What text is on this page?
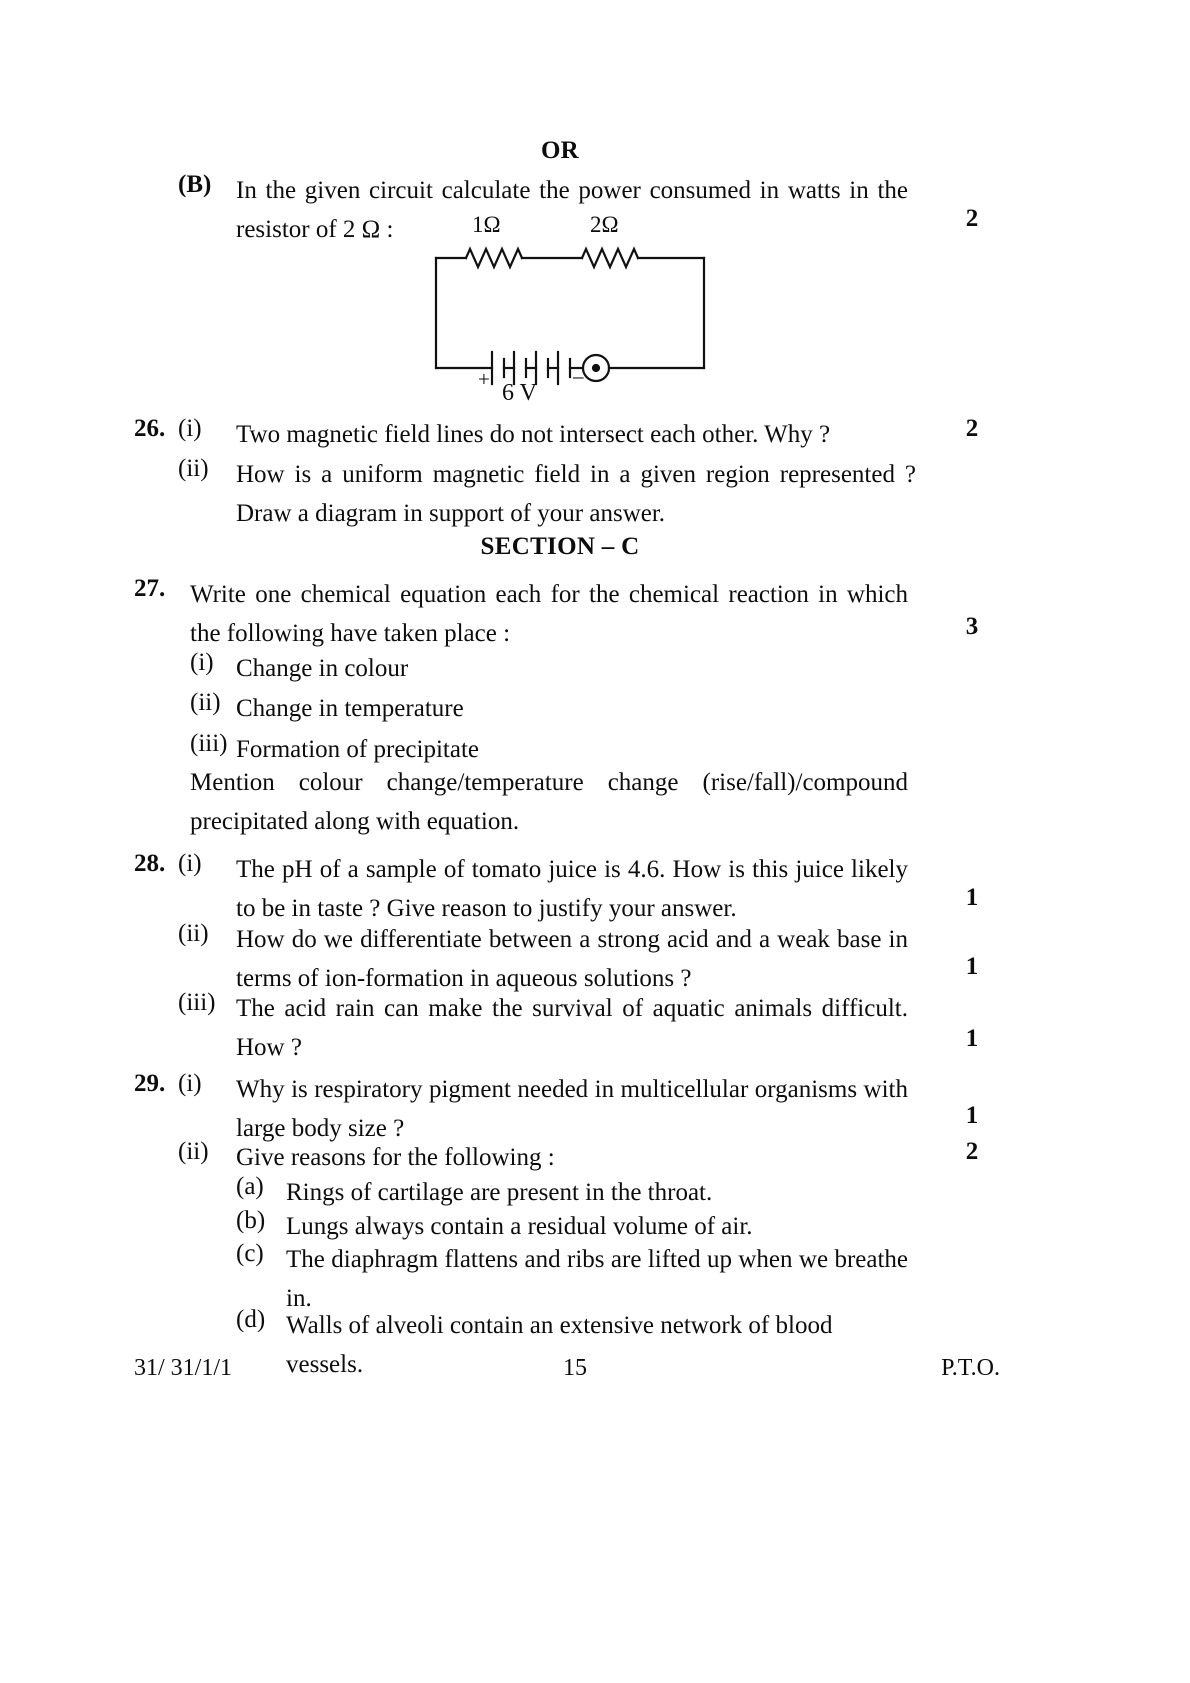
OR
(B) In the given circuit calculate the power consumed in watts in the resistor of 2 Ω :	2
1Ω	2Ω
+	–
6 V
26. (i) Two magnetic field lines do not intersect each other. Why ?	2
(ii) How is a uniform magnetic field in a given region represented ? Draw a diagram in support of your answer.
SECTION – C
27. Write one chemical equation each for the chemical reaction in which the following have taken place :	3
(i) Change in colour
(ii) Change in temperature
(iii) Formation of precipitate
Mention colour change/temperature change (rise/fall)/compound precipitated along with equation.
28. (i) The pH of a sample of tomato juice is 4.6. How is this juice likely to be in taste ? Give reason to justify your answer.	1
(ii) How do we differentiate between a strong acid and a weak base in terms of ion-formation in aqueous solutions ?	1
(iii) The acid rain can make the survival of aquatic animals difficult. How ?	1
29. (i) Why is respiratory pigment needed in multicellular organisms with large body size ?	1
(ii) Give reasons for the following :	2
(a) Rings of cartilage are present in the throat.
(b) Lungs always contain a residual volume of air.
(c) The diaphragm flattens and ribs are lifted up when we breathe in.
(d) Walls of alveoli contain an extensive network of blood vessels.
31/ 31/1/1	15	P.T.O.
